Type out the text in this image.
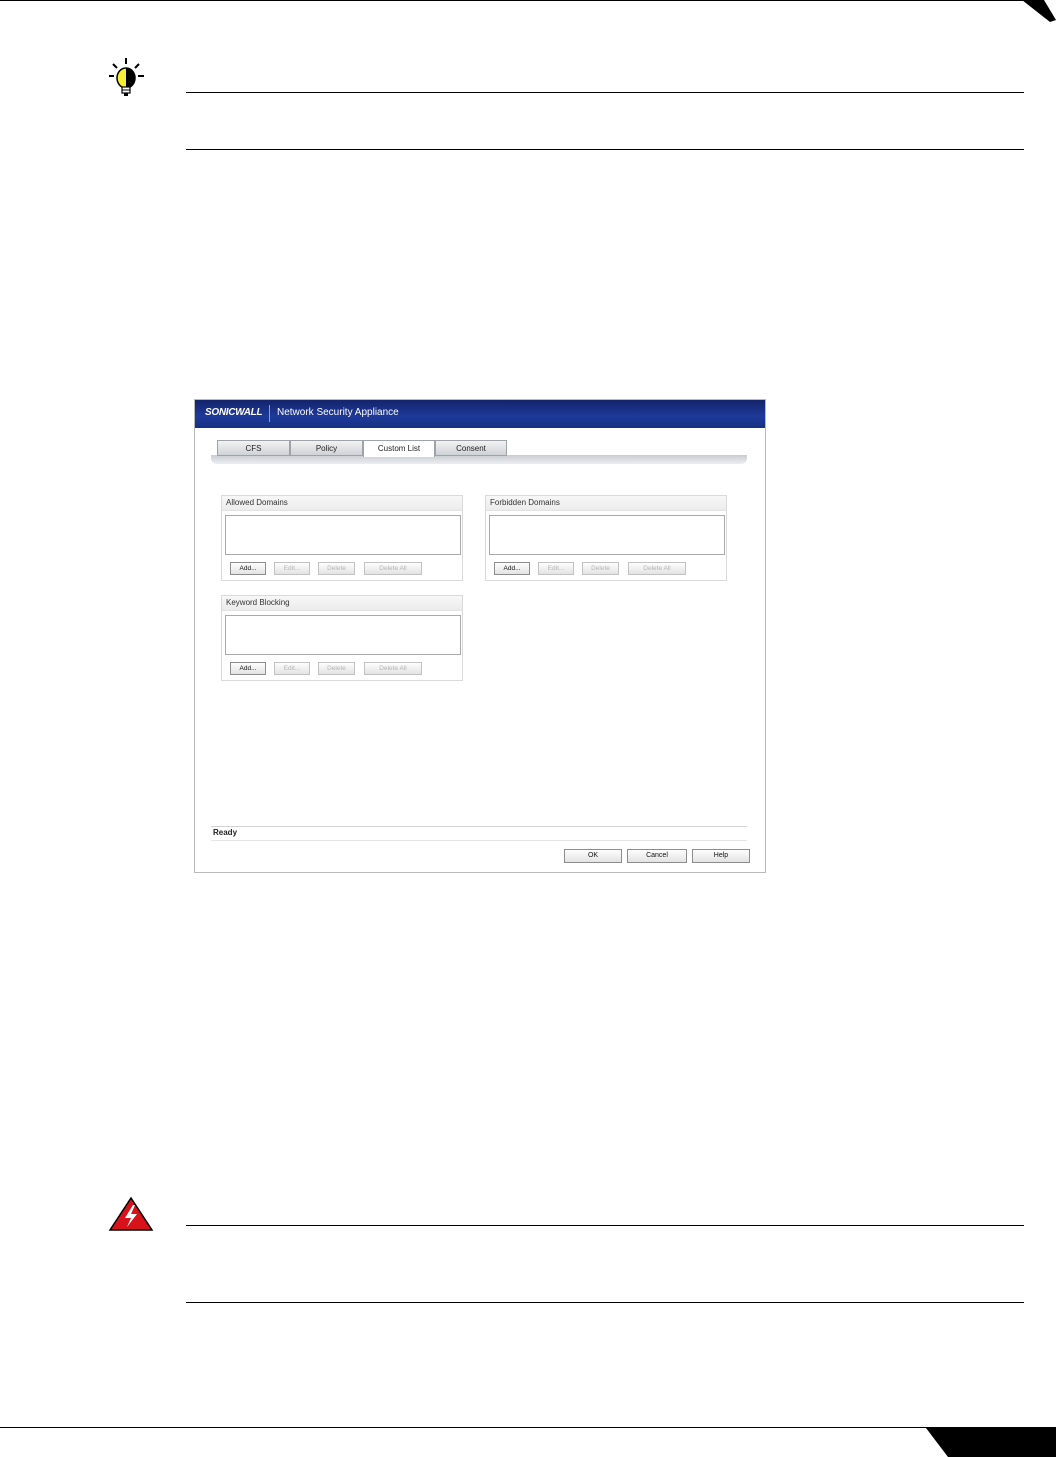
SONICWALL Network Security Appliance
CFS	Policy	Custom List	Consent
Allowed Domains
Add...	Edit...	Delete	Delete All
Forbidden Domains
Add...	Edit...	Delete	Delete All
Keyword Blocking
Add...	Edit...	Delete	Delete All
Ready
OK	Cancel	Help
